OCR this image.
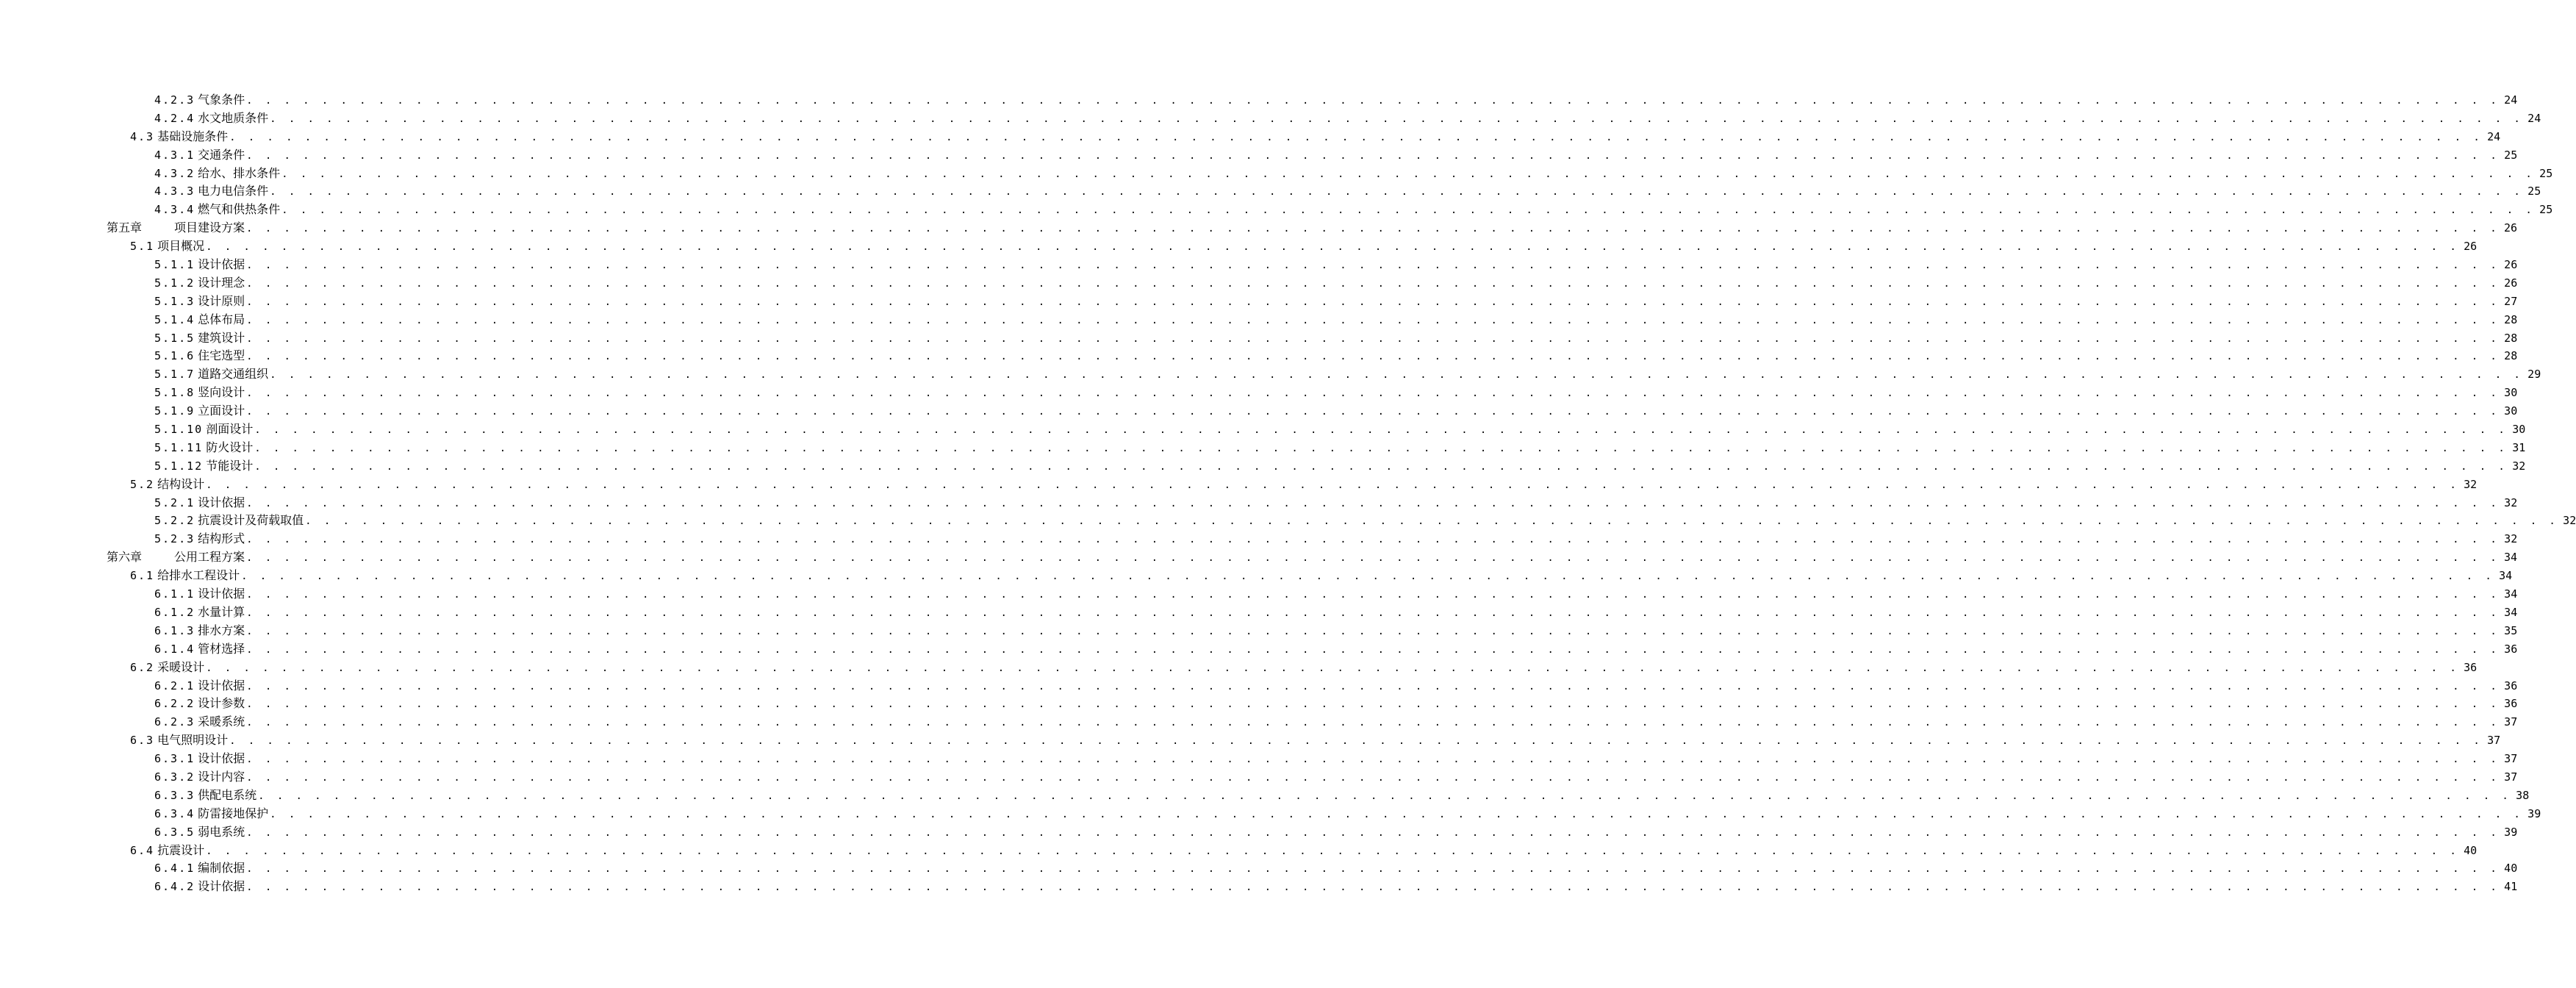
4.2.3 气象条件 . . . . . . . . . . . . . . . . . . . . . . . . . . . . . . . . . . . . . . . . . . . . . . . . . . . . . . . . . . . . . . . . . . . . . . . . . . . . . . . . . . . . . . . . . . . . . . . . . . . . . . . . . . . . . . . . . . . . . . . . 24
4.2.4 水文地质条件 . . . . . . . . . . . . . . . . . . . . . . . . . . . . . . . . . . . . . . . . . . . . . . . . . . . . . . . . . . . . . . . . . . . . . . . . . . . . . . . . . . . . . . . . . . . . . . . . . . . . . . . . . . . . . . . . . . . . . . . . 24
4.3 基础设施条件 . . . . . . . . . . . . . . . . . . . . . . . . . . . . . . . . . . . . . . . . . . . . . . . . . . . . . . . . . . . . . . . . . . . . . . . . . . . . . . . . . . . . . . . . . . . . . . . . . . . . . . . . . . . . . . . . . . . . . . . . 24
4.3.1 交通条件 . . . . . . . . . . . . . . . . . . . . . . . . . . . . . . . . . . . . . . . . . . . . . . . . . . . . . . . . . . . . . . . . . . . . . . . . . . . . . . . . . . . . . . . . . . . . . . . . . . . . . . . . . . . . . . . . . . . . . . . . 25
4.3.2 给水、排水条件 . . . . . . . . . . . . . . . . . . . . . . . . . . . . . . . . . . . . . . . . . . . . . . . . . . . . . . . . . . . . . . . . . . . . . . . . . . . . . . . . . . . . . . . . . . . . . . . . . . . . . . . . . . . . . . . . . . . . . . . . 25
4.3.3 电力电信条件 . . . . . . . . . . . . . . . . . . . . . . . . . . . . . . . . . . . . . . . . . . . . . . . . . . . . . . . . . . . . . . . . . . . . . . . . . . . . . . . . . . . . . . . . . . . . . . . . . . . . . . . . . . . . . . . . . . . . . . . . 25
4.3.4 燃气和供热条件 . . . . . . . . . . . . . . . . . . . . . . . . . . . . . . . . . . . . . . . . . . . . . . . . . . . . . . . . . . . . . . . . . . . . . . . . . . . . . . . . . . . . . . . . . . . . . . . . . . . . . . . . . . . . . . . . . . . . . . . . 25
第五章	项目建设方案 . . . . . . . . . . . . . . . . . . . . . . . . . . . . . . . . . . . . . . . . . . . . . . . . . . . . . . . . . . . . . . . . . . . . . . . . . . . . . . . . . . . . . . . . . . . . . . . . . . . . . . . . . . . . . . . . . . . . . . . . 26
5.1 项目概况 . . . . . . . . . . . . . . . . . . . . . . . . . . . . . . . . . . . . . . . . . . . . . . . . . . . . . . . . . . . . . . . . . . . . . . . . . . . . . . . . . . . . . . . . . . . . . . . . . . . . . . . . . . . . . . . . . . . . . . . . 26
5.1.1 设计依据 . . . . . . . . . . . . . . . . . . . . . . . . . . . . . . . . . . . . . . . . . . . . . . . . . . . . . . . . . . . . . . . . . . . . . . . . . . . . . . . . . . . . . . . . . . . . . . . . . . . . . . . . . . . . . . . . . . . . . . . . 26
5.1.2 设计理念 . . . . . . . . . . . . . . . . . . . . . . . . . . . . . . . . . . . . . . . . . . . . . . . . . . . . . . . . . . . . . . . . . . . . . . . . . . . . . . . . . . . . . . . . . . . . . . . . . . . . . . . . . . . . . . . . . . . . . . . . 26
5.1.3 设计原则 . . . . . . . . . . . . . . . . . . . . . . . . . . . . . . . . . . . . . . . . . . . . . . . . . . . . . . . . . . . . . . . . . . . . . . . . . . . . . . . . . . . . . . . . . . . . . . . . . . . . . . . . . . . . . . . . . . . . . . . . 27
5.1.4 总体布局 . . . . . . . . . . . . . . . . . . . . . . . . . . . . . . . . . . . . . . . . . . . . . . . . . . . . . . . . . . . . . . . . . . . . . . . . . . . . . . . . . . . . . . . . . . . . . . . . . . . . . . . . . . . . . . . . . . . . . . . . 28
5.1.5 建筑设计 . . . . . . . . . . . . . . . . . . . . . . . . . . . . . . . . . . . . . . . . . . . . . . . . . . . . . . . . . . . . . . . . . . . . . . . . . . . . . . . . . . . . . . . . . . . . . . . . . . . . . . . . . . . . . . . . . . . . . . . . 28
5.1.6 住宅选型 . . . . . . . . . . . . . . . . . . . . . . . . . . . . . . . . . . . . . . . . . . . . . . . . . . . . . . . . . . . . . . . . . . . . . . . . . . . . . . . . . . . . . . . . . . . . . . . . . . . . . . . . . . . . . . . . . . . . . . . . 28
5.1.7 道路交通组织 . . . . . . . . . . . . . . . . . . . . . . . . . . . . . . . . . . . . . . . . . . . . . . . . . . . . . . . . . . . . . . . . . . . . . . . . . . . . . . . . . . . . . . . . . . . . . . . . . . . . . . . . . . . . . . . . . . . . . . . . 29
5.1.8 竖向设计 . . . . . . . . . . . . . . . . . . . . . . . . . . . . . . . . . . . . . . . . . . . . . . . . . . . . . . . . . . . . . . . . . . . . . . . . . . . . . . . . . . . . . . . . . . . . . . . . . . . . . . . . . . . . . . . . . . . . . . . . 30
5.1.9 立面设计 . . . . . . . . . . . . . . . . . . . . . . . . . . . . . . . . . . . . . . . . . . . . . . . . . . . . . . . . . . . . . . . . . . . . . . . . . . . . . . . . . . . . . . . . . . . . . . . . . . . . . . . . . . . . . . . . . . . . . . . . 30
5.1.10 剖面设计 . . . . . . . . . . . . . . . . . . . . . . . . . . . . . . . . . . . . . . . . . . . . . . . . . . . . . . . . . . . . . . . . . . . . . . . . . . . . . . . . . . . . . . . . . . . . . . . . . . . . . . . . . . . . . . . . . . . . . . . . 30
5.1.11 防火设计 . . . . . . . . . . . . . . . . . . . . . . . . . . . . . . . . . . . . . . . . . . . . . . . . . . . . . . . . . . . . . . . . . . . . . . . . . . . . . . . . . . . . . . . . . . . . . . . . . . . . . . . . . . . . . . . . . . . . . . . . 31
5.1.12 节能设计 . . . . . . . . . . . . . . . . . . . . . . . . . . . . . . . . . . . . . . . . . . . . . . . . . . . . . . . . . . . . . . . . . . . . . . . . . . . . . . . . . . . . . . . . . . . . . . . . . . . . . . . . . . . . . . . . . . . . . . . . 32
5.2 结构设计 . . . . . . . . . . . . . . . . . . . . . . . . . . . . . . . . . . . . . . . . . . . . . . . . . . . . . . . . . . . . . . . . . . . . . . . . . . . . . . . . . . . . . . . . . . . . . . . . . . . . . . . . . . . . . . . . . . . . . . . . 32
5.2.1 设计依据 . . . . . . . . . . . . . . . . . . . . . . . . . . . . . . . . . . . . . . . . . . . . . . . . . . . . . . . . . . . . . . . . . . . . . . . . . . . . . . . . . . . . . . . . . . . . . . . . . . . . . . . . . . . . . . . . . . . . . . . . 32
5.2.2 抗震设计及荷载取值 . . . . . . . . . . . . . . . . . . . . . . . . . . . . . . . . . . . . . . . . . . . . . . . . . . . . . . . . . . . . . . . . . . . . . . . . . . . . . . . . . . . . . . . . . . . . . . . . . . . . . . . . . . . . . . . . . . . . . . . . 32
5.2.3 结构形式 . . . . . . . . . . . . . . . . . . . . . . . . . . . . . . . . . . . . . . . . . . . . . . . . . . . . . . . . . . . . . . . . . . . . . . . . . . . . . . . . . . . . . . . . . . . . . . . . . . . . . . . . . . . . . . . . . . . . . . . . 32
第六章	公用工程方案 . . . . . . . . . . . . . . . . . . . . . . . . . . . . . . . . . . . . . . . . . . . . . . . . . . . . . . . . . . . . . . . . . . . . . . . . . . . . . . . . . . . . . . . . . . . . . . . . . . . . . . . . . . . . . . . . . . . . . . . . 34
6.1 给排水工程设计 . . . . . . . . . . . . . . . . . . . . . . . . . . . . . . . . . . . . . . . . . . . . . . . . . . . . . . . . . . . . . . . . . . . . . . . . . . . . . . . . . . . . . . . . . . . . . . . . . . . . . . . . . . . . . . . . . . . . . . . . 34
6.1.1 设计依据 . . . . . . . . . . . . . . . . . . . . . . . . . . . . . . . . . . . . . . . . . . . . . . . . . . . . . . . . . . . . . . . . . . . . . . . . . . . . . . . . . . . . . . . . . . . . . . . . . . . . . . . . . . . . . . . . . . . . . . . . 34
6.1.2 水量计算 . . . . . . . . . . . . . . . . . . . . . . . . . . . . . . . . . . . . . . . . . . . . . . . . . . . . . . . . . . . . . . . . . . . . . . . . . . . . . . . . . . . . . . . . . . . . . . . . . . . . . . . . . . . . . . . . . . . . . . . . 34
6.1.3 排水方案 . . . . . . . . . . . . . . . . . . . . . . . . . . . . . . . . . . . . . . . . . . . . . . . . . . . . . . . . . . . . . . . . . . . . . . . . . . . . . . . . . . . . . . . . . . . . . . . . . . . . . . . . . . . . . . . . . . . . . . . . 35
6.1.4 管材选择 . . . . . . . . . . . . . . . . . . . . . . . . . . . . . . . . . . . . . . . . . . . . . . . . . . . . . . . . . . . . . . . . . . . . . . . . . . . . . . . . . . . . . . . . . . . . . . . . . . . . . . . . . . . . . . . . . . . . . . . . 36
6.2 采暖设计 . . . . . . . . . . . . . . . . . . . . . . . . . . . . . . . . . . . . . . . . . . . . . . . . . . . . . . . . . . . . . . . . . . . . . . . . . . . . . . . . . . . . . . . . . . . . . . . . . . . . . . . . . . . . . . . . . . . . . . . . 36
6.2.1 设计依据 . . . . . . . . . . . . . . . . . . . . . . . . . . . . . . . . . . . . . . . . . . . . . . . . . . . . . . . . . . . . . . . . . . . . . . . . . . . . . . . . . . . . . . . . . . . . . . . . . . . . . . . . . . . . . . . . . . . . . . . . 36
6.2.2 设计参数 . . . . . . . . . . . . . . . . . . . . . . . . . . . . . . . . . . . . . . . . . . . . . . . . . . . . . . . . . . . . . . . . . . . . . . . . . . . . . . . . . . . . . . . . . . . . . . . . . . . . . . . . . . . . . . . . . . . . . . . . 36
6.2.3 采暖系统 . . . . . . . . . . . . . . . . . . . . . . . . . . . . . . . . . . . . . . . . . . . . . . . . . . . . . . . . . . . . . . . . . . . . . . . . . . . . . . . . . . . . . . . . . . . . . . . . . . . . . . . . . . . . . . . . . . . . . . . . 37
6.3 电气照明设计 . . . . . . . . . . . . . . . . . . . . . . . . . . . . . . . . . . . . . . . . . . . . . . . . . . . . . . . . . . . . . . . . . . . . . . . . . . . . . . . . . . . . . . . . . . . . . . . . . . . . . . . . . . . . . . . . . . . . . . . . 37
6.3.1 设计依据 . . . . . . . . . . . . . . . . . . . . . . . . . . . . . . . . . . . . . . . . . . . . . . . . . . . . . . . . . . . . . . . . . . . . . . . . . . . . . . . . . . . . . . . . . . . . . . . . . . . . . . . . . . . . . . . . . . . . . . . . 37
6.3.2 设计内容 . . . . . . . . . . . . . . . . . . . . . . . . . . . . . . . . . . . . . . . . . . . . . . . . . . . . . . . . . . . . . . . . . . . . . . . . . . . . . . . . . . . . . . . . . . . . . . . . . . . . . . . . . . . . . . . . . . . . . . . . 37
6.3.3 供配电系统 . . . . . . . . . . . . . . . . . . . . . . . . . . . . . . . . . . . . . . . . . . . . . . . . . . . . . . . . . . . . . . . . . . . . . . . . . . . . . . . . . . . . . . . . . . . . . . . . . . . . . . . . . . . . . . . . . . . . . . . . 38
6.3.4 防雷接地保护 . . . . . . . . . . . . . . . . . . . . . . . . . . . . . . . . . . . . . . . . . . . . . . . . . . . . . . . . . . . . . . . . . . . . . . . . . . . . . . . . . . . . . . . . . . . . . . . . . . . . . . . . . . . . . . . . . . . . . . . . 39
6.3.5 弱电系统 . . . . . . . . . . . . . . . . . . . . . . . . . . . . . . . . . . . . . . . . . . . . . . . . . . . . . . . . . . . . . . . . . . . . . . . . . . . . . . . . . . . . . . . . . . . . . . . . . . . . . . . . . . . . . . . . . . . . . . . . 39
6.4 抗震设计 . . . . . . . . . . . . . . . . . . . . . . . . . . . . . . . . . . . . . . . . . . . . . . . . . . . . . . . . . . . . . . . . . . . . . . . . . . . . . . . . . . . . . . . . . . . . . . . . . . . . . . . . . . . . . . . . . . . . . . . . 40
6.4.1 编制依据 . . . . . . . . . . . . . . . . . . . . . . . . . . . . . . . . . . . . . . . . . . . . . . . . . . . . . . . . . . . . . . . . . . . . . . . . . . . . . . . . . . . . . . . . . . . . . . . . . . . . . . . . . . . . . . . . . . . . . . . . 40
6.4.2 设计依据 . . . . . . . . . . . . . . . . . . . . . . . . . . . . . . . . . . . . . . . . . . . . . . . . . . . . . . . . . . . . . . . . . . . . . . . . . . . . . . . . . . . . . . . . . . . . . . . . . . . . . . . . . . . . . . . . . . . . . . . . 41
